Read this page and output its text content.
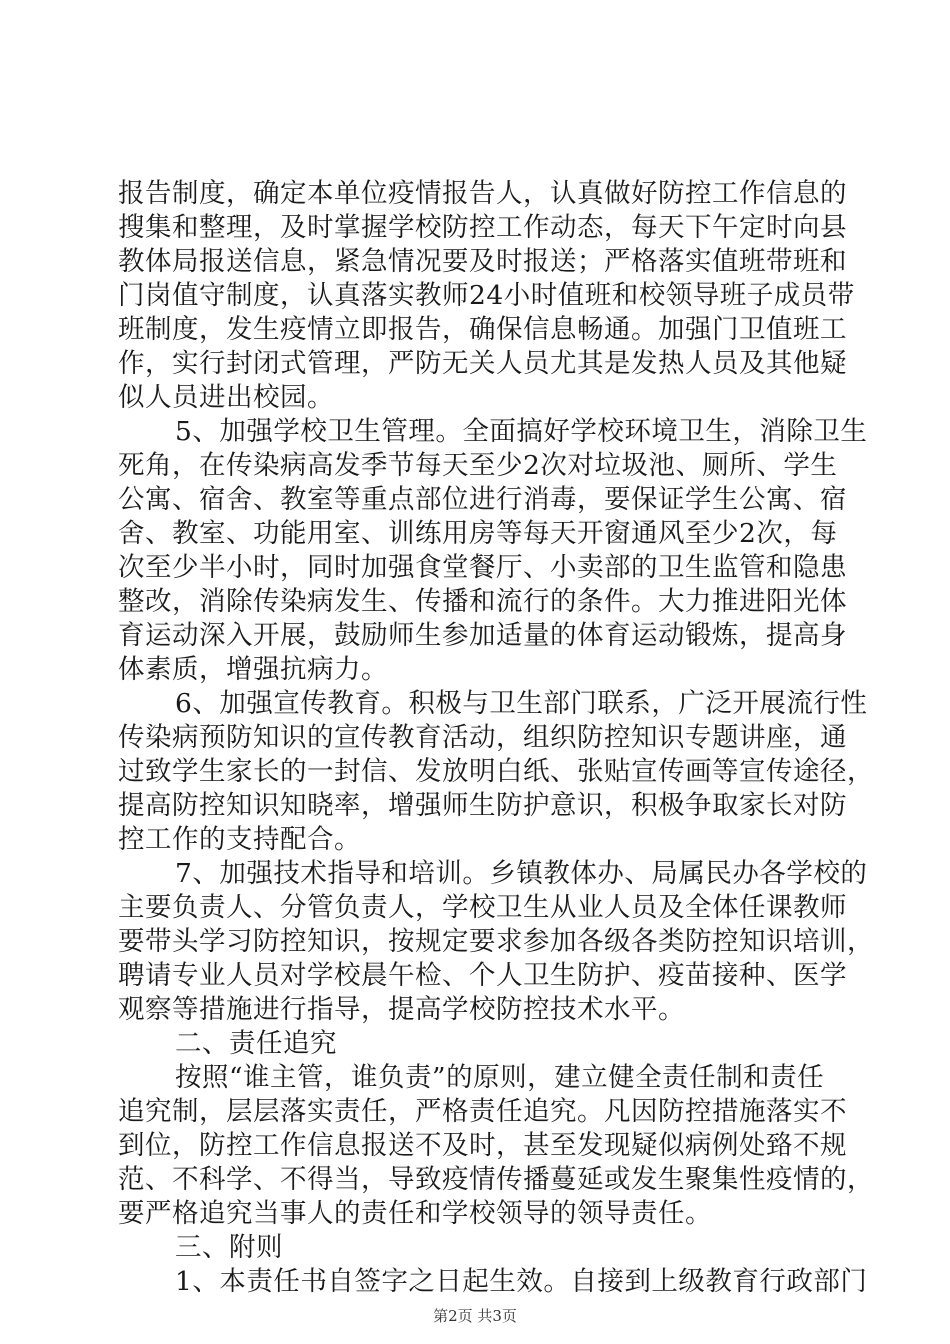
报告制度，确定本单位疫情报告人，认真做好防控工作信息的
搜集和整理，及时掌握学校防控工作动态，每天下午定时向县
教体局报送信息，紧急情况要及时报送；严格落实值班带班和
门岗值守制度，认真落实教师24小时值班和校领导班子成员带
班制度，发生疫情立即报告，确保信息畅通。加强门卫值班工
作，实行封闭式管理，严防无关人员尤其是发热人员及其他疑
似人员进出校园。
5、加强学校卫生管理。全面搞好学校环境卫生，消除卫生
死角，在传染病高发季节每天至少2次对垃圾池、厕所、学生
公寓、宿舍、教室等重点部位进行消毒，要保证学生公寓、宿
舍、教室、功能用室、训练用房等每天开窗通风至少2次，每
次至少半小时，同时加强食堂餐厅、小卖部的卫生监管和隐患
整改，消除传染病发生、传播和流行的条件。大力推进阳光体
育运动深入开展，鼓励师生参加适量的体育运动锻炼，提高身
体素质，增强抗病力。
6、加强宣传教育。积极与卫生部门联系，广泛开展流行性
传染病预防知识的宣传教育活动，组织防控知识专题讲座，通
过致学生家长的一封信、发放明白纸、张贴宣传画等宣传途径，
提高防控知识知晓率，增强师生防护意识，积极争取家长对防
控工作的支持配合。
7、加强技术指导和培训。乡镇教体办、局属民办各学校的
主要负责人、分管负责人，学校卫生从业人员及全体任课教师
要带头学习防控知识，按规定要求参加各级各类防控知识培训，
聘请专业人员对学校晨午检、个人卫生防护、疫苗接种、医学
观察等措施进行指导，提高学校防控技术水平。
二、责任追究
按照“谁主管，谁负责”的原则，建立健全责任制和责任
追究制，层层落实责任，严格责任追究。凡因防控措施落实不
到位，防控工作信息报送不及时，甚至发现疑似病例处臵不规
范、不科学、不得当，导致疫情传播蔓延或发生聚集性疫情的，
要严格追究当事人的责任和学校领导的领导责任。
三、附则
1、本责任书自签字之日起生效。自接到上级教育行政部门
第2页 共3页
